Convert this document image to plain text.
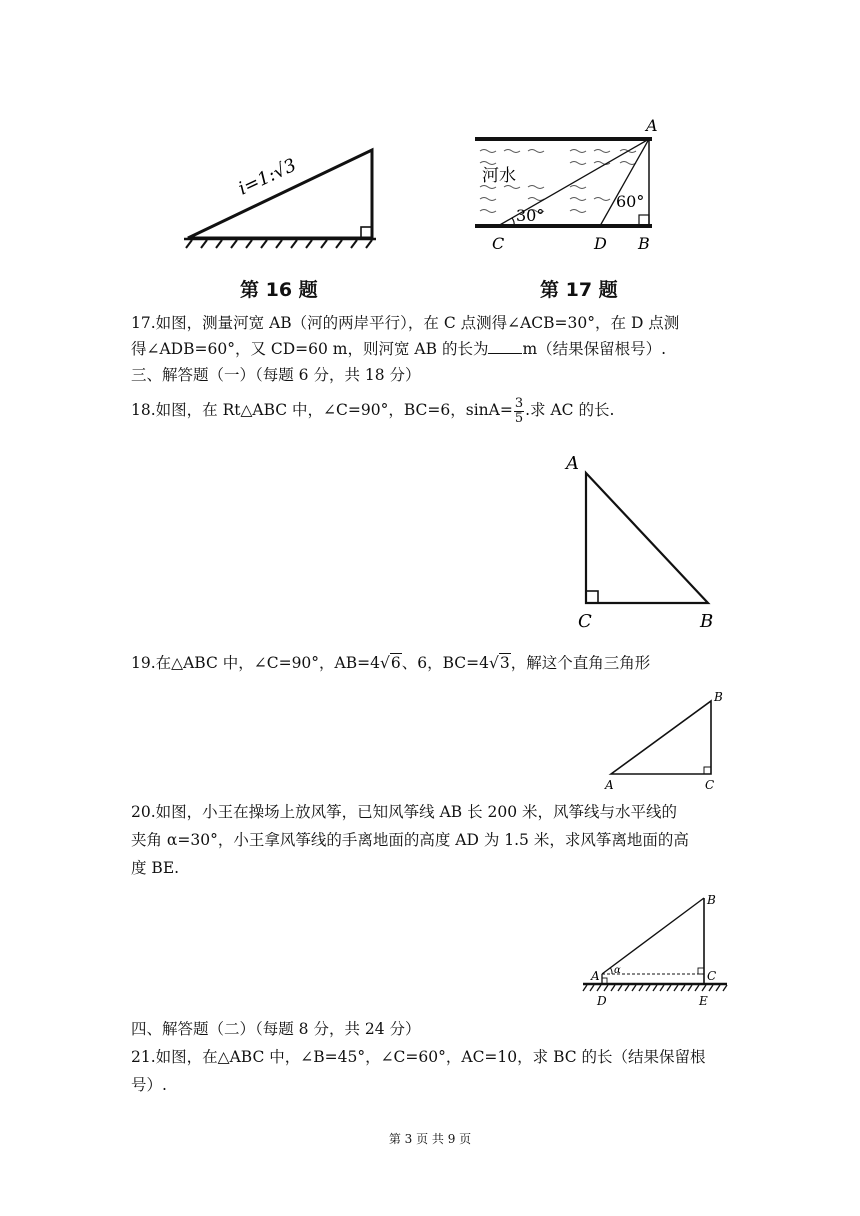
i=1:√3
第 16 题
河水
30°
60°
A
C	D B
第 17 题
17.如图，测量河宽 AB（河的两岸平行），在 C 点测得∠ACB=30°，在 D 点测
得∠ADB=60°，又 CD=60 m，则河宽 AB 的长为 m（结果保留根号）.
三、解答题（一）（每题 6 分，共 18 分）
18.如图，在 Rt△ABC 中，∠C=90°，BC=6，$\sin A= \frac{3}{5}$ .求 AC 的长.
A
C	B
19.在△ABC 中，∠C=90°，AB=4√6、6，BC=4√3，解这个直角三角形
B
A	C
20.如图，小王在操场上放风筝，已知风筝线 AB 长 200 米，风筝线与水平线的
夹角 α=30°，小王拿风筝线的手离地面的高度 AD 为 1.5 米，求风筝离地面的高
度 BE.
α
B
A	C
D	E
四、解答题（二）（每题 8 分，共 24 分）
21.如图，在△ABC 中，∠B=45°，∠C=60°，AC=10，求 BC 的长（结果保留根
号）.
第 3 页 共 9 页
